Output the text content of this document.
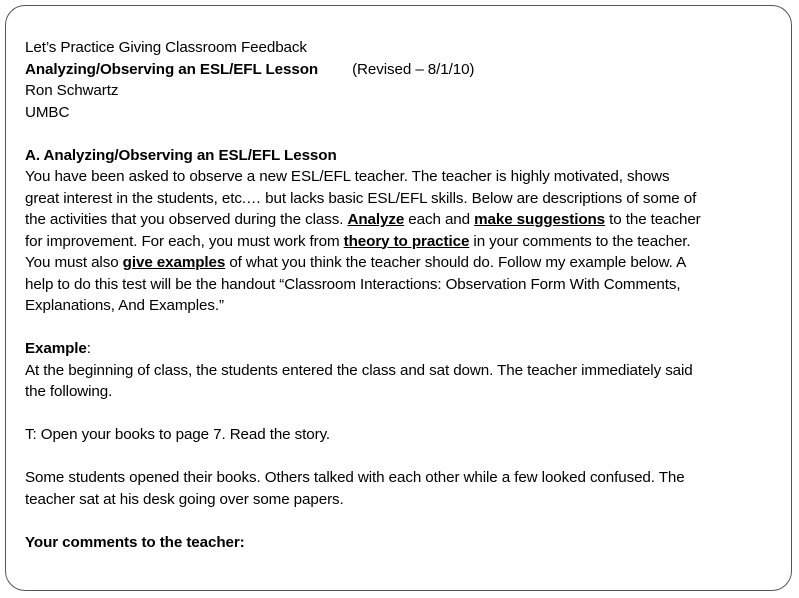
Let’s Practice Giving Classroom Feedback
Analyzing/Observing an ESL/EFL Lesson (Revised – 8/1/10)
Ron Schwartz
UMBC
A. Analyzing/Observing an ESL/EFL Lesson
You have been asked to observe a new ESL/EFL teacher. The teacher is highly motivated, shows
great interest in the students, etc.… but lacks basic ESL/EFL skills. Below are descriptions of some of
the activities that you observed during the class. Analyze each and make suggestions to the teacher
for improvement. For each, you must work from theory to practice in your comments to the teacher.
You must also give examples of what you think the teacher should do. Follow my example below. A
help to do this test will be the handout “Classroom Interactions: Observation Form With Comments,
Explanations, And Examples.”
Example:
At the beginning of class, the students entered the class and sat down. The teacher immediately said
the following.
T: Open your books to page 7. Read the story.
Some students opened their books. Others talked with each other while a few looked confused. The
teacher sat at his desk going over some papers.
Your comments to the teacher:
